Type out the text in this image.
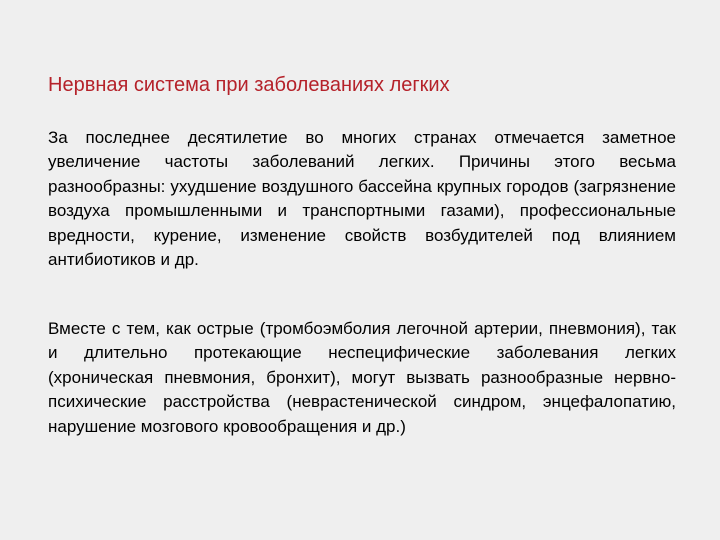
Нервная система при заболеваниях легких

За последнее десятилетие во многих странах отмечается заметное увеличение частоты заболеваний легких. Причины этого весьма разнообразны: ухудшение воздушного бассейна крупных городов (загрязнение воздуха промышленными и транспортными газами), профессиональные вредности, курение, изменение свойств возбудителей под влиянием антибиотиков и др.

Вместе с тем, как острые (тромбоэмболия легочной артерии, пневмония), так и длительно протекающие неспецифические заболевания легких (хроническая пневмония, бронхит), могут вызвать разнообразные нервно-психические расстройства (неврастенической синдром, энцефалопатию, нарушение мозгового кровообращения и др.)
